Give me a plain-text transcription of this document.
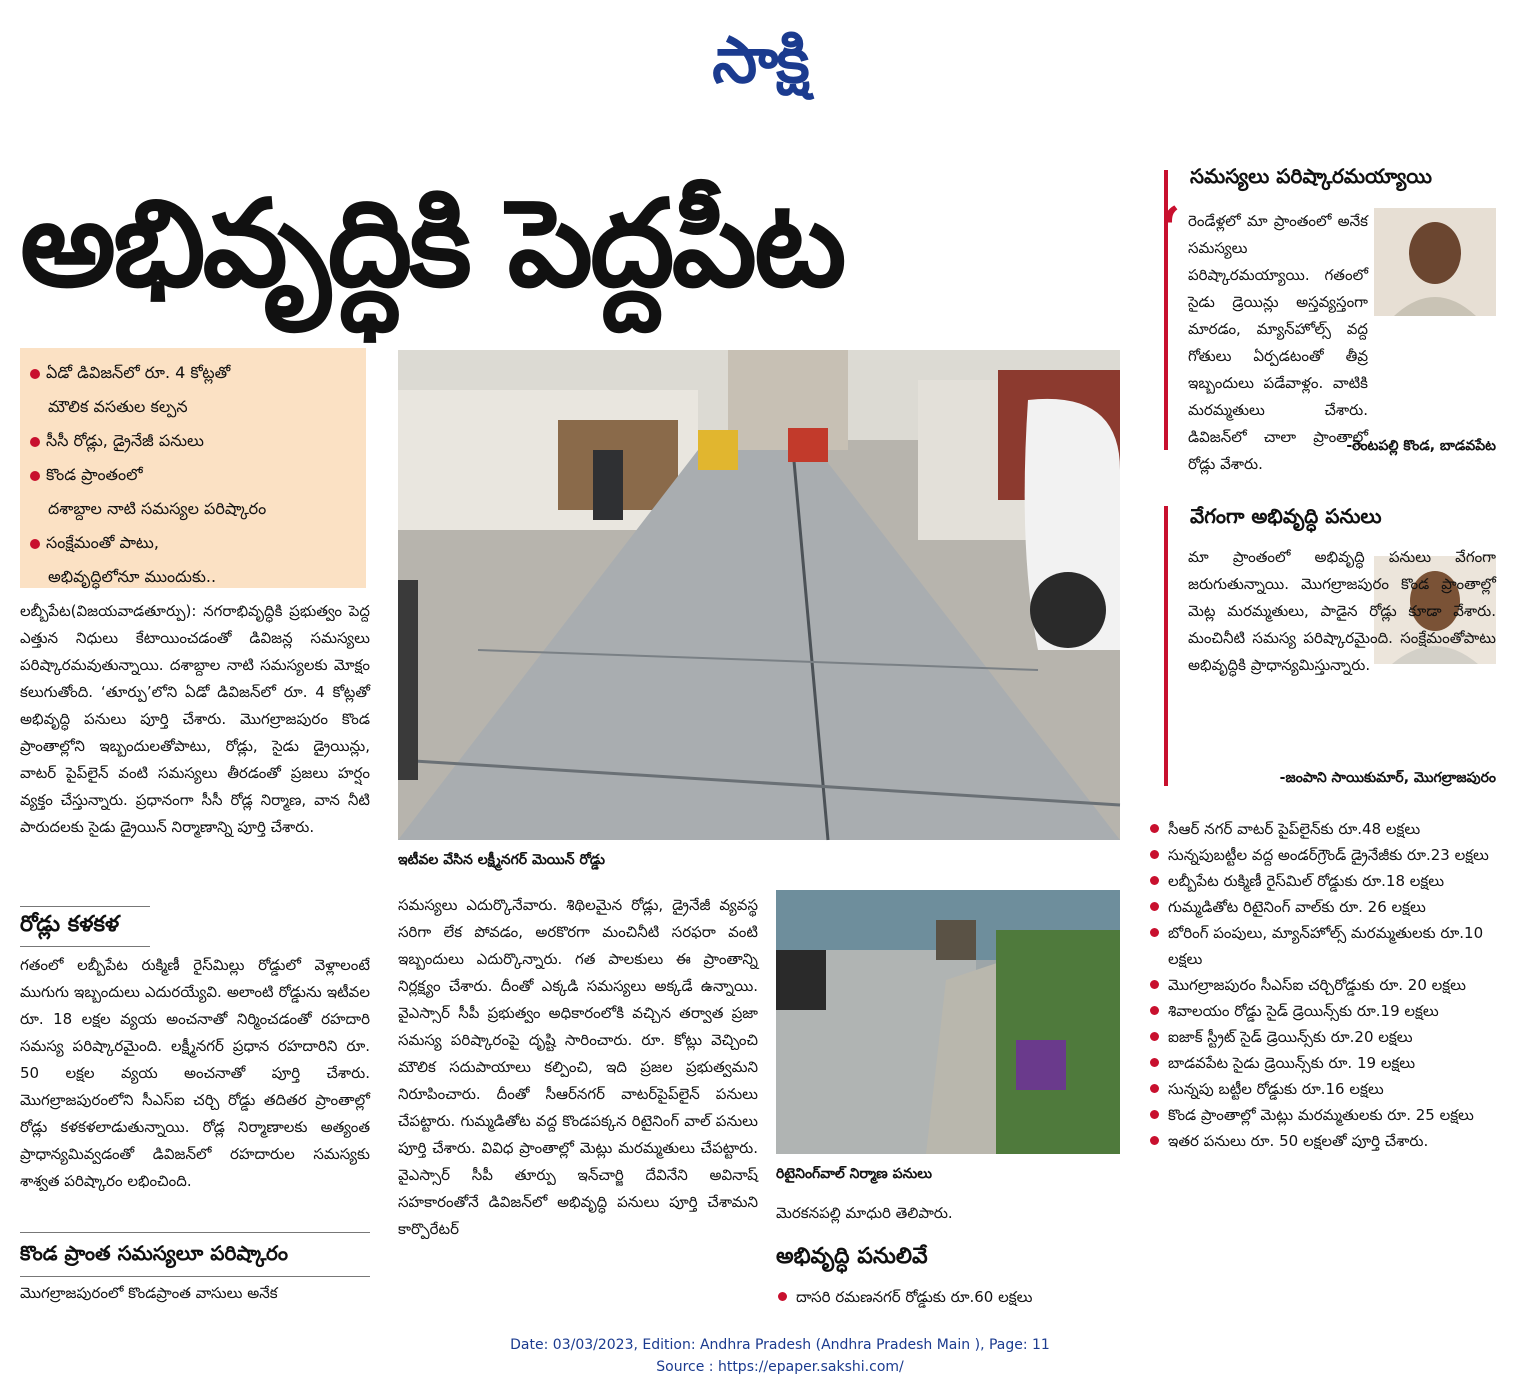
సాక్షి
అభివృద్ధికి పెద్దపీట
ఏడో డివిజన్‌లో రూ. 4 కోట్లతో
మౌలిక వసతుల కల్పన
సీసీ రోడ్లు, డ్రైనేజీ పనులు
కొండ ప్రాంతంలో
దశాబ్దాల నాటి సమస్యల పరిష్కారం
సంక్షేమంతో పాటు,
అభివృద్ధిలోనూ ముందుకు..
లబ్బీపేట(విజయవాడతూర్పు): నగరాభివృద్ధికి ప్రభుత్వం పెద్ద ఎత్తున నిధులు కేటాయించడంతో డివిజన్ల సమస్యలు పరిష్కారమవుతున్నాయి. దశాబ్దాల నాటి సమస్యలకు మోక్షం కలుగుతోంది. ‘తూర్పు’లోని ఏడో డివిజన్‌లో రూ. 4 కోట్లతో అభివృద్ధి పనులు పూర్తి చేశారు. మొగల్రాజపురం కొండ ప్రాంతాల్లోని ఇబ్బందులతోపాటు, రోడ్లు, సైడు డ్రైయిన్లు, వాటర్ పైప్‌లైన్ వంటి సమస్యలు తీరడంతో ప్రజలు హర్షం వ్యక్తం చేస్తున్నారు. ప్రధానంగా సీసీ రోడ్ల నిర్మాణ, వాన నీటి పారుదలకు సైడు డ్రైయిన్ నిర్మాణాన్ని పూర్తి చేశారు.
రోడ్లు కళకళ
గతంలో లబ్బీపేట రుక్మిణీ రైస్‌మిల్లు రోడ్డులో వెళ్లాలంటే ముగుగు ఇబ్బందులు ఎదురయ్యేవి. అలాంటి రోడ్డును ఇటీవల రూ. 18 లక్షల వ్యయ అంచనాతో నిర్మించడంతో రహదారి సమస్య పరిష్కారమైంది. లక్ష్మీనగర్ ప్రధాన రహదారిని రూ. 50 లక్షల వ్యయ అంచనాతో పూర్తి చేశారు. మొగల్రాజపురంలోని సీఎస్ఐ చర్చి రోడ్డు తదితర ప్రాంతాల్లో రోడ్లు కళకళలాడుతున్నాయి. రోడ్ల నిర్మాణాలకు అత్యంత ప్రాధాన్యమివ్వడంతో డివిజన్‌లో రహదారుల సమస్యకు శాశ్వత పరిష్కారం లభించింది.
కొండ ప్రాంత సమస్యలూ పరిష్కారం
మొగల్రాజపురంలో కొండప్రాంత వాసులు అనేక
ఇటీవల వేసిన లక్ష్మీనగర్ మెయిన్ రోడ్డు
సమస్యలు ఎదుర్కొనేవారు. శిథిలమైన రోడ్లు, డ్రైనేజీ వ్యవస్థ సరిగా లేక పోవడం, అరకొరగా మంచినీటి సరఫరా వంటి ఇబ్బందులు ఎదుర్కొన్నారు. గత పాలకులు ఈ ప్రాంతాన్ని నిర్లక్ష్యం చేశారు. దీంతో ఎక్కడి సమస్యలు అక్కడే ఉన్నాయి. వైఎస్సార్ సీపీ ప్రభుత్వం అధికారంలోకి వచ్చిన తర్వాత ప్రజా సమస్య పరిష్కారంపై దృష్టి సారించారు. రూ. కోట్లు వెచ్చించి మౌలిక సదుపాయాలు కల్పించి, ఇది ప్రజల ప్రభుత్వమని నిరూపించారు. దీంతో సీఆర్‌నగర్ వాటర్‌పైప్‌లైన్ పనులు చేపట్టారు. గుమ్మడితోట వద్ద కొండపక్కన రిటైనింగ్ వాల్ పనులు పూర్తి చేశారు. వివిధ ప్రాంతాల్లో మెట్లు మరమ్మతులు చేపట్టారు. వైఎస్సార్ సీపీ తూర్పు ఇన్‌చార్జి దేవినేని అవినాష్ సహకారంతోనే డివిజన్‌లో అభివృద్ధి పనులు పూర్తి చేశామని కార్పొరేటర్
రిటైనింగ్‌వాల్ నిర్మాణ పనులు
మెరకనపల్లి మాధురి తెలిపారు.
అభివృద్ధి పనులివే
దాసరి రమణనగర్ రోడ్డుకు రూ.60 లక్షలు
సమస్యలు పరిష్కారమయ్యాయి
‘ రెండేళ్లలో మా ప్రాంతంలో అనేక సమస్యలు పరిష్కారమయ్యాయి. గతంలో సైడు డ్రెయిన్లు అస్తవ్యస్తంగా మారడం, మ్యాన్‌హోల్స్ వద్ద గోతులు ఏర్పడటంతో తీవ్ర ఇబ్బందులు పడేవాళ్లం. వాటికి మరమ్మతులు చేశారు. డివిజన్‌లో చాలా ప్రాంతాల్లో రోడ్లు వేశారు.
-రెంటపల్లి కొండ, బాడవపేట
వేగంగా అభివృద్ధి పనులు
మా ప్రాంతంలో అభివృద్ధి పనులు వేగంగా జరుగుతున్నాయి. మొగల్రాజపురం కొండ ప్రాంతాల్లో మెట్ల మరమ్మతులు, పాడైన రోడ్లు కూడా వేశారు. మంచినీటి సమస్య పరిష్కారమైంది. సంక్షేమంతోపాటు అభివృద్ధికి ప్రాధాన్యమిస్తున్నారు.
-జంపాని సాయికుమార్, మొగల్రాజపురం
సీఆర్ నగర్ వాటర్ పైప్‌లైన్‌కు రూ.48 లక్షలు
సున్నపుబట్టీల వద్ద అండర్‌గ్రౌండ్ డ్రైనేజీకు రూ.23 లక్షలు
లబ్బీపేట రుక్మిణీ రైస్‌మిల్ రోడ్డుకు రూ.18 లక్షలు
గుమ్మడితోట రిటైనింగ్ వాల్‌కు రూ. 26 లక్షలు
బోరింగ్ పంపులు, మ్యాన్‌హోల్స్ మరమ్మతులకు రూ.10 లక్షలు
మొగల్రాజపురం సీఎస్ఐ చర్చిరోడ్డుకు రూ. 20 లక్షలు
శివాలయం రోడ్డు సైడ్ డ్రెయిన్స్‌కు రూ.19 లక్షలు
ఐజాక్ స్ట్రీట్ సైడ్ డ్రెయిన్స్‌కు రూ.20 లక్షలు
బాడవపేట సైడు డ్రెయిన్స్‌కు రూ. 19 లక్షలు
సున్నపు బట్టీల రోడ్డుకు రూ.16 లక్షలు
కొండ ప్రాంతాల్లో మెట్లు మరమ్మతులకు రూ. 25 లక్షలు
ఇతర పనులు రూ. 50 లక్షలతో పూర్తి చేశారు.
Date: 03/03/2023, Edition: Andhra Pradesh (Andhra Pradesh Main ), Page: 11
Source : https://epaper.sakshi.com/
